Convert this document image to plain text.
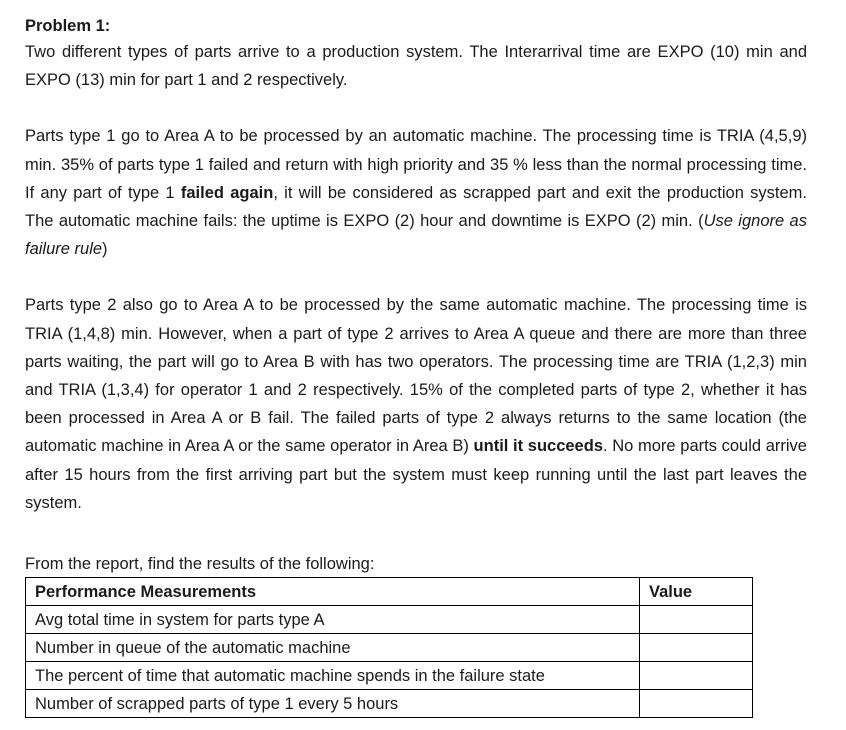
Problem 1:

Two different types of parts arrive to a production system. The Interarrival time are EXPO (10) min and EXPO (13) min for part 1 and 2 respectively.

Parts type 1 go to Area A to be processed by an automatic machine. The processing time is TRIA (4,5,9) min. 35% of parts type 1 failed and return with high priority and 35 % less than the normal processing time. If any part of type 1 failed again, it will be considered as scrapped part and exit the production system. The automatic machine fails: the uptime is EXPO (2) hour and downtime is EXPO (2) min. (Use ignore as failure rule)

Parts type 2 also go to Area A to be processed by the same automatic machine. The processing time is TRIA (1,4,8) min. However, when a part of type 2 arrives to Area A queue and there are more than three parts waiting, the part will go to Area B with has two operators. The processing time are TRIA (1,2,3) min and TRIA (1,3,4) for operator 1 and 2 respectively. 15% of the completed parts of type 2, whether it has been processed in Area A or B fail. The failed parts of type 2 always returns to the same location (the automatic machine in Area A or the same operator in Area B) until it succeeds. No more parts could arrive after 15 hours from the first arriving part but the system must keep running until the last part leaves the system.

From the report, find the results of the following:

Performance Measurements	Value
Avg total time in system for parts type A	
Number in queue of the automatic machine	
The percent of time that automatic machine spends in the failure state	
Number of scrapped parts of type 1 every 5 hours	
